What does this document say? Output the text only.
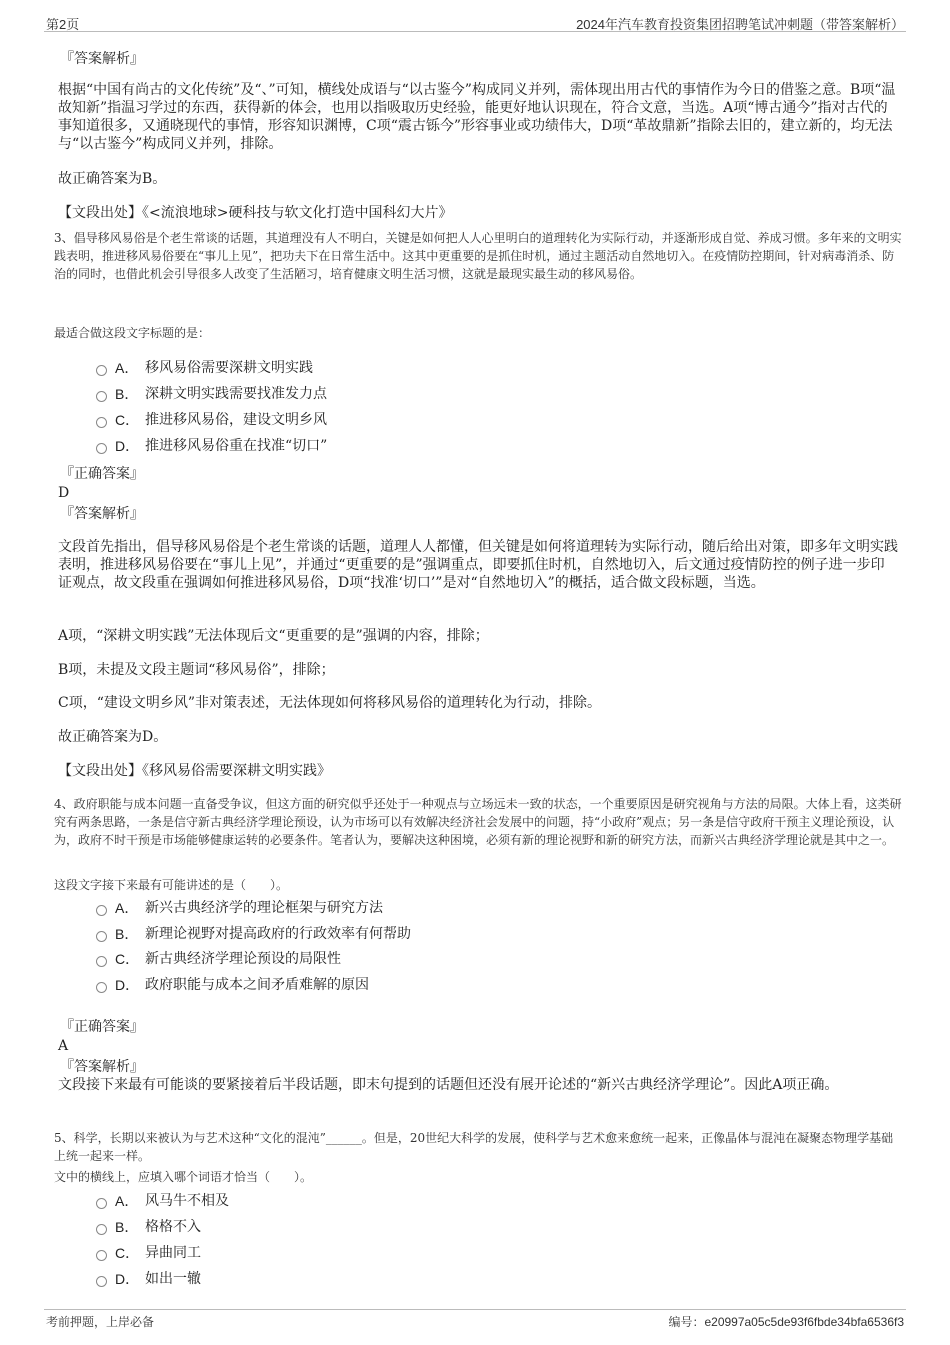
第2页	2024年汽车教育投资集团招聘笔试冲刺题（带答案解析）
『答案解析』
根据“中国有尚古的文化传统”及“、”可知，横线处成语与“以古鉴今”构成同义并列，需体现出用古代的事情作为今日的借鉴之意。B项“温故知新”指温习学过的东西，获得新的体会，也用以指吸取历史经验，能更好地认识现在，符合文意，当选。A项“博古通今”指对古代的事知道很多，又通晓现代的事情，形容知识渊博，C项“震古铄今”形容事业或功绩伟大，D项“革故鼎新”指除去旧的，建立新的，均无法与“以古鉴今”构成同义并列，排除。
故正确答案为B。
【文段出处】《<流浪地球>硬科技与软文化打造中国科幻大片》
3、倡导移风易俗是个老生常谈的话题，其道理没有人不明白，关键是如何把人人心里明白的道理转化为实际行动，并逐渐形成自觉、养成习惯。多年来的文明实践表明，推进移风易俗要在“事儿上见”，把功夫下在日常生活中。这其中更重要的是抓住时机，通过主题活动自然地切入。在疫情防控期间，针对病毒消杀、防治的同时，也借此机会引导很多人改变了生活陋习，培育健康文明生活习惯，这就是最现实最生动的移风易俗。
最适合做这段文字标题的是：
A． 移风易俗需要深耕文明实践
B． 深耕文明实践需要找准发力点
C． 推进移风易俗，建设文明乡风
D． 推进移风易俗重在找准“切口”
『正确答案』
D
『答案解析』
文段首先指出，倡导移风易俗是个老生常谈的话题，道理人人都懂，但关键是如何将道理转为实际行动，随后给出对策，即多年文明实践表明，推进移风易俗要在“事儿上见”，并通过“更重要的是”强调重点，即要抓住时机，自然地切入，后文通过疫情防控的例子进一步印证观点，故文段重在强调如何推进移风易俗，D项“找准‘切口’”是对“自然地切入”的概括，适合做文段标题，当选。
A项，“深耕文明实践”无法体现后文“更重要的是”强调的内容，排除；
B项，未提及文段主题词“移风易俗”，排除；
C项，“建设文明乡风”非对策表述，无法体现如何将移风易俗的道理转化为行动，排除。
故正确答案为D。
【文段出处】《移风易俗需要深耕文明实践》
4、政府职能与成本问题一直备受争议，但这方面的研究似乎还处于一种观点与立场远未一致的状态，一个重要原因是研究视角与方法的局限。大体上看，这类研究有两条思路，一条是信守新古典经济学理论预设，认为市场可以有效解决经济社会发展中的问题，持“小政府”观点；另一条是信守政府干预主义理论预设，认为，政府不时干预是市场能够健康运转的必要条件。笔者认为，要解决这种困境，必须有新的理论视野和新的研究方法，而新兴古典经济学理论就是其中之一。
这段文字接下来最有可能讲述的是（　　）。
A． 新兴古典经济学的理论框架与研究方法
B． 新理论视野对提高政府的行政效率有何帮助
C． 新古典经济学理论预设的局限性
D． 政府职能与成本之间矛盾难解的原因
『正确答案』
A
『答案解析』
文段接下来最有可能谈的要紧接着后半段话题，即末句提到的话题但还没有展开论述的“新兴古典经济学理论”。因此A项正确。
5、科学，长期以来被认为与艺术这种“文化的混沌”______。但是，20世纪大科学的发展，使科学与艺术愈来愈统一起来，正像晶体与混沌在凝聚态物理学基础上统一起来一样。
文中的横线上，应填入哪个词语才恰当（　　）。
A． 风马牛不相及
B． 格格不入
C． 异曲同工
D． 如出一辙
考前押题，上岸必备	编号：e20997a05c5de93f6fbde34bfa6536f3
